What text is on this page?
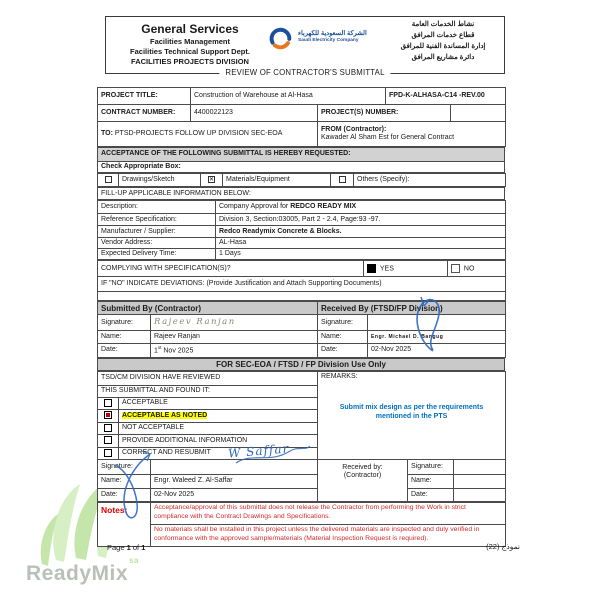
ReadyMix$^{sa}$
General Services
Facilities Management
Facilities Technical Support Dept.
FACILITIES PROJECTS DIVISION
الشركة السعودية للكهرباء
Saudi Electricity Company
نشاط الخدمات العامة
قطاع خدمات المرافق
إدارة المساندة الفنية للمرافق
دائرة مشاريع المرافق
REVIEW OF CONTRACTOR'S SUBMITTAL
PROJECT TITLE:	Construction of Warehouse at Al-Hasa		FPD-K-ALHASA-C14 -REV.00	
CONTRACT NUMBER:	4400022123	PROJECT(S) NUMBER:		
TO: PTSD-PROJECTS FOLLOW UP DIVISION SEC-EOA		FROM (Contractor):
Kawader Al Sham Est for General Contract		
ACCEPTANCE OF THE FOLLOWING SUBMITTAL IS HEREBY REQUESTED:
Check Appropriate Box:
	Drawings/Sketch	✕	Materials/Equipment		Others (Specify):
FILL-UP APPLICABLE INFORMATION BELOW:
Description:	Company Approval for REDCO READY MIX
Reference Specification:	Division 3, Section:03005, Part 2 - 2.4, Page:93 -97.
Manufacturer / Supplier:	Redco Readymix Concrete & Blocks.
Vendor Address:	AL-Hasa
Expected Delivery Time:	1 Days
COMPLYING WITH SPECIFICATION(S)?	YES	NO
IF "NO" INDICATE DEVIATIONS: (Provide Justification and Attach Supporting Documents)

Submitted By (Contractor)		Received By (FTSD/FP Division)	
Signature:	Rajeev Ranjan	Signature:	
Name:	Rajeev Ranjan	Name:	Engr. Michael D. Bangug
Date:	1st Nov 2025	Date:	02-Nov 2025
FOR SEC-EOA / FTSD / FP Division Use Only
TSD/CM DIVISION HAVE REVIEWED			REMARKS:
Submit mix design as per the requirements mentioned in the PTS		

THIS SUBMITTAL AND FOUND IT:					
	ACCEPTABLE				

	ACCEPTABLE AS NOTED				
	NOT ACCEPTABLE				
	PROVIDE ADDITIONAL INFORMATION				
	CORRECT AND RESUBMIT				
Signature:			Received by:
(Contractor)	Signature:	
Name:		Engr. Waleed Z. Al-Saffar		Name:	
Date:		02-Nov 2025		Date:	
Notes:	Acceptance/approval of this submittal does not release the Contractor from performing the Work in strict compliance with the Contract Drawings and Specifications.
No materials shall be installed in this project unless the delivered materials are inspected and duly verified in conformance with the approved sample/materials (Material Inspection Request is required).
Page 1 of 1	نموذج (22)
W Saffar
